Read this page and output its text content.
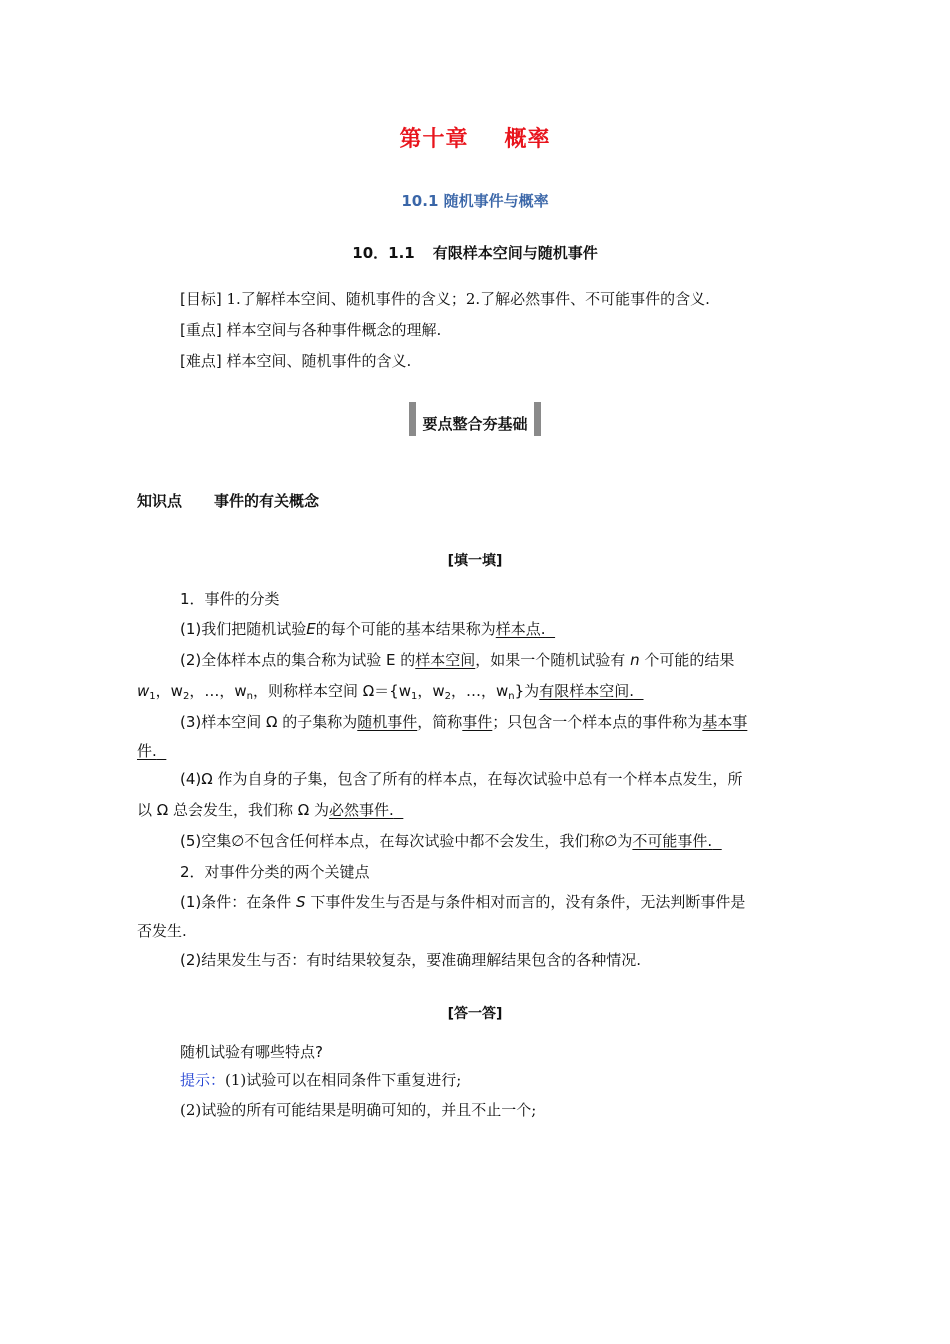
第十章 概率
10.1 随机事件与概率
10．1.1 有限样本空间与随机事件
[目标] 1.了解样本空间、随机事件的含义；2.了解必然事件、不可能事件的含义.
[重点] 样本空间与各种事件概念的理解.
[难点] 样本空间、随机事件的含义.
要点整合夯基础
知识点 事件的有关概念
[填一填]
1．事件的分类
(1)我们把随机试验E的每个可能的基本结果称为样本点.
(2)全体样本点的集合称为试验 E 的样本空间，如果一个随机试验有 n 个可能的结果
$w_1$，$w_2$，…，$w_n$，则称样本空间 $\Omega=\{w_1$，$w_2$，…，$w_n$}为有限样本空间.
(3)样本空间 Ω 的子集称为随机事件，简称事件；只包含一个样本点的事件称为基本事
件.
(4)Ω 作为自身的子集，包含了所有的样本点，在每次试验中总有一个样本点发生，所
以 Ω 总会发生，我们称 Ω 为必然事件.
(5)空集∅不包含任何样本点，在每次试验中都不会发生，我们称∅为不可能事件.
2．对事件分类的两个关键点
(1)条件：在条件 S 下事件发生与否是与条件相对而言的，没有条件，无法判断事件是
否发生.
(2)结果发生与否：有时结果较复杂，要准确理解结果包含的各种情况.
[答一答]
随机试验有哪些特点?
提示：(1)试验可以在相同条件下重复进行;
(2)试验的所有可能结果是明确可知的，并且不止一个;
